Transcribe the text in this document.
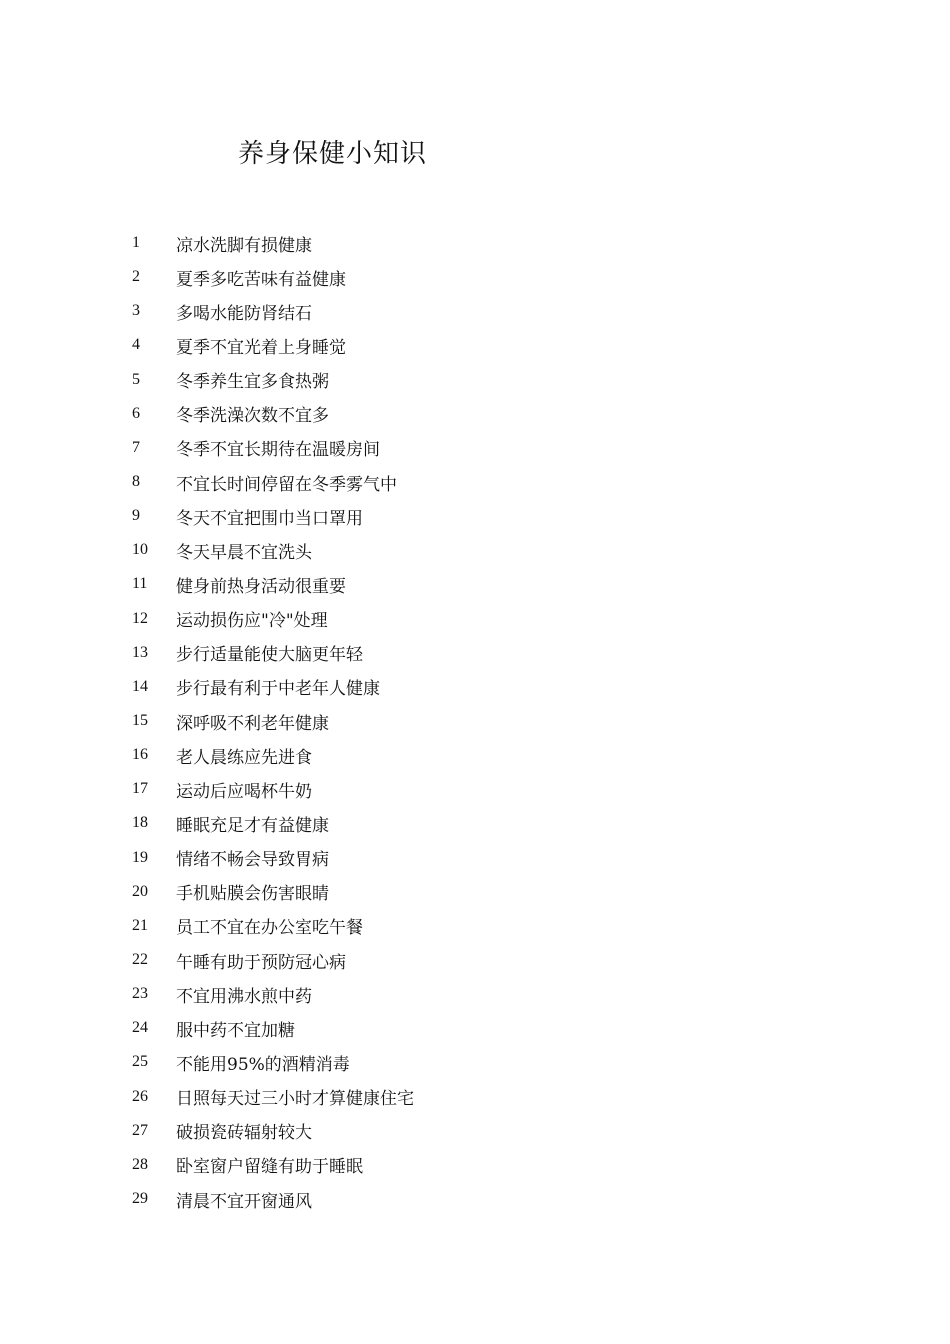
养身保健小知识
1	凉水洗脚有损健康
2	夏季多吃苦味有益健康
3	多喝水能防肾结石
4	夏季不宜光着上身睡觉
5	冬季养生宜多食热粥
6	冬季洗澡次数不宜多
7	冬季不宜长期待在温暖房间
8	不宜长时间停留在冬季雾气中
9	冬天不宜把围巾当口罩用
10	冬天早晨不宜洗头
11	健身前热身活动很重要
12	运动损伤应"冷"处理
13	步行适量能使大脑更年轻
14	步行最有利于中老年人健康
15	深呼吸不利老年健康
16	老人晨练应先进食
17	运动后应喝杯牛奶
18	睡眠充足才有益健康
19	情绪不畅会导致胃病
20	手机贴膜会伤害眼睛
21	员工不宜在办公室吃午餐
22	午睡有助于预防冠心病
23	不宜用沸水煎中药
24	服中药不宜加糖
25	不能用95%的酒精消毒
26	日照每天过三小时才算健康住宅
27	破损瓷砖辐射较大
28	卧室窗户留缝有助于睡眠
29	清晨不宜开窗通风
